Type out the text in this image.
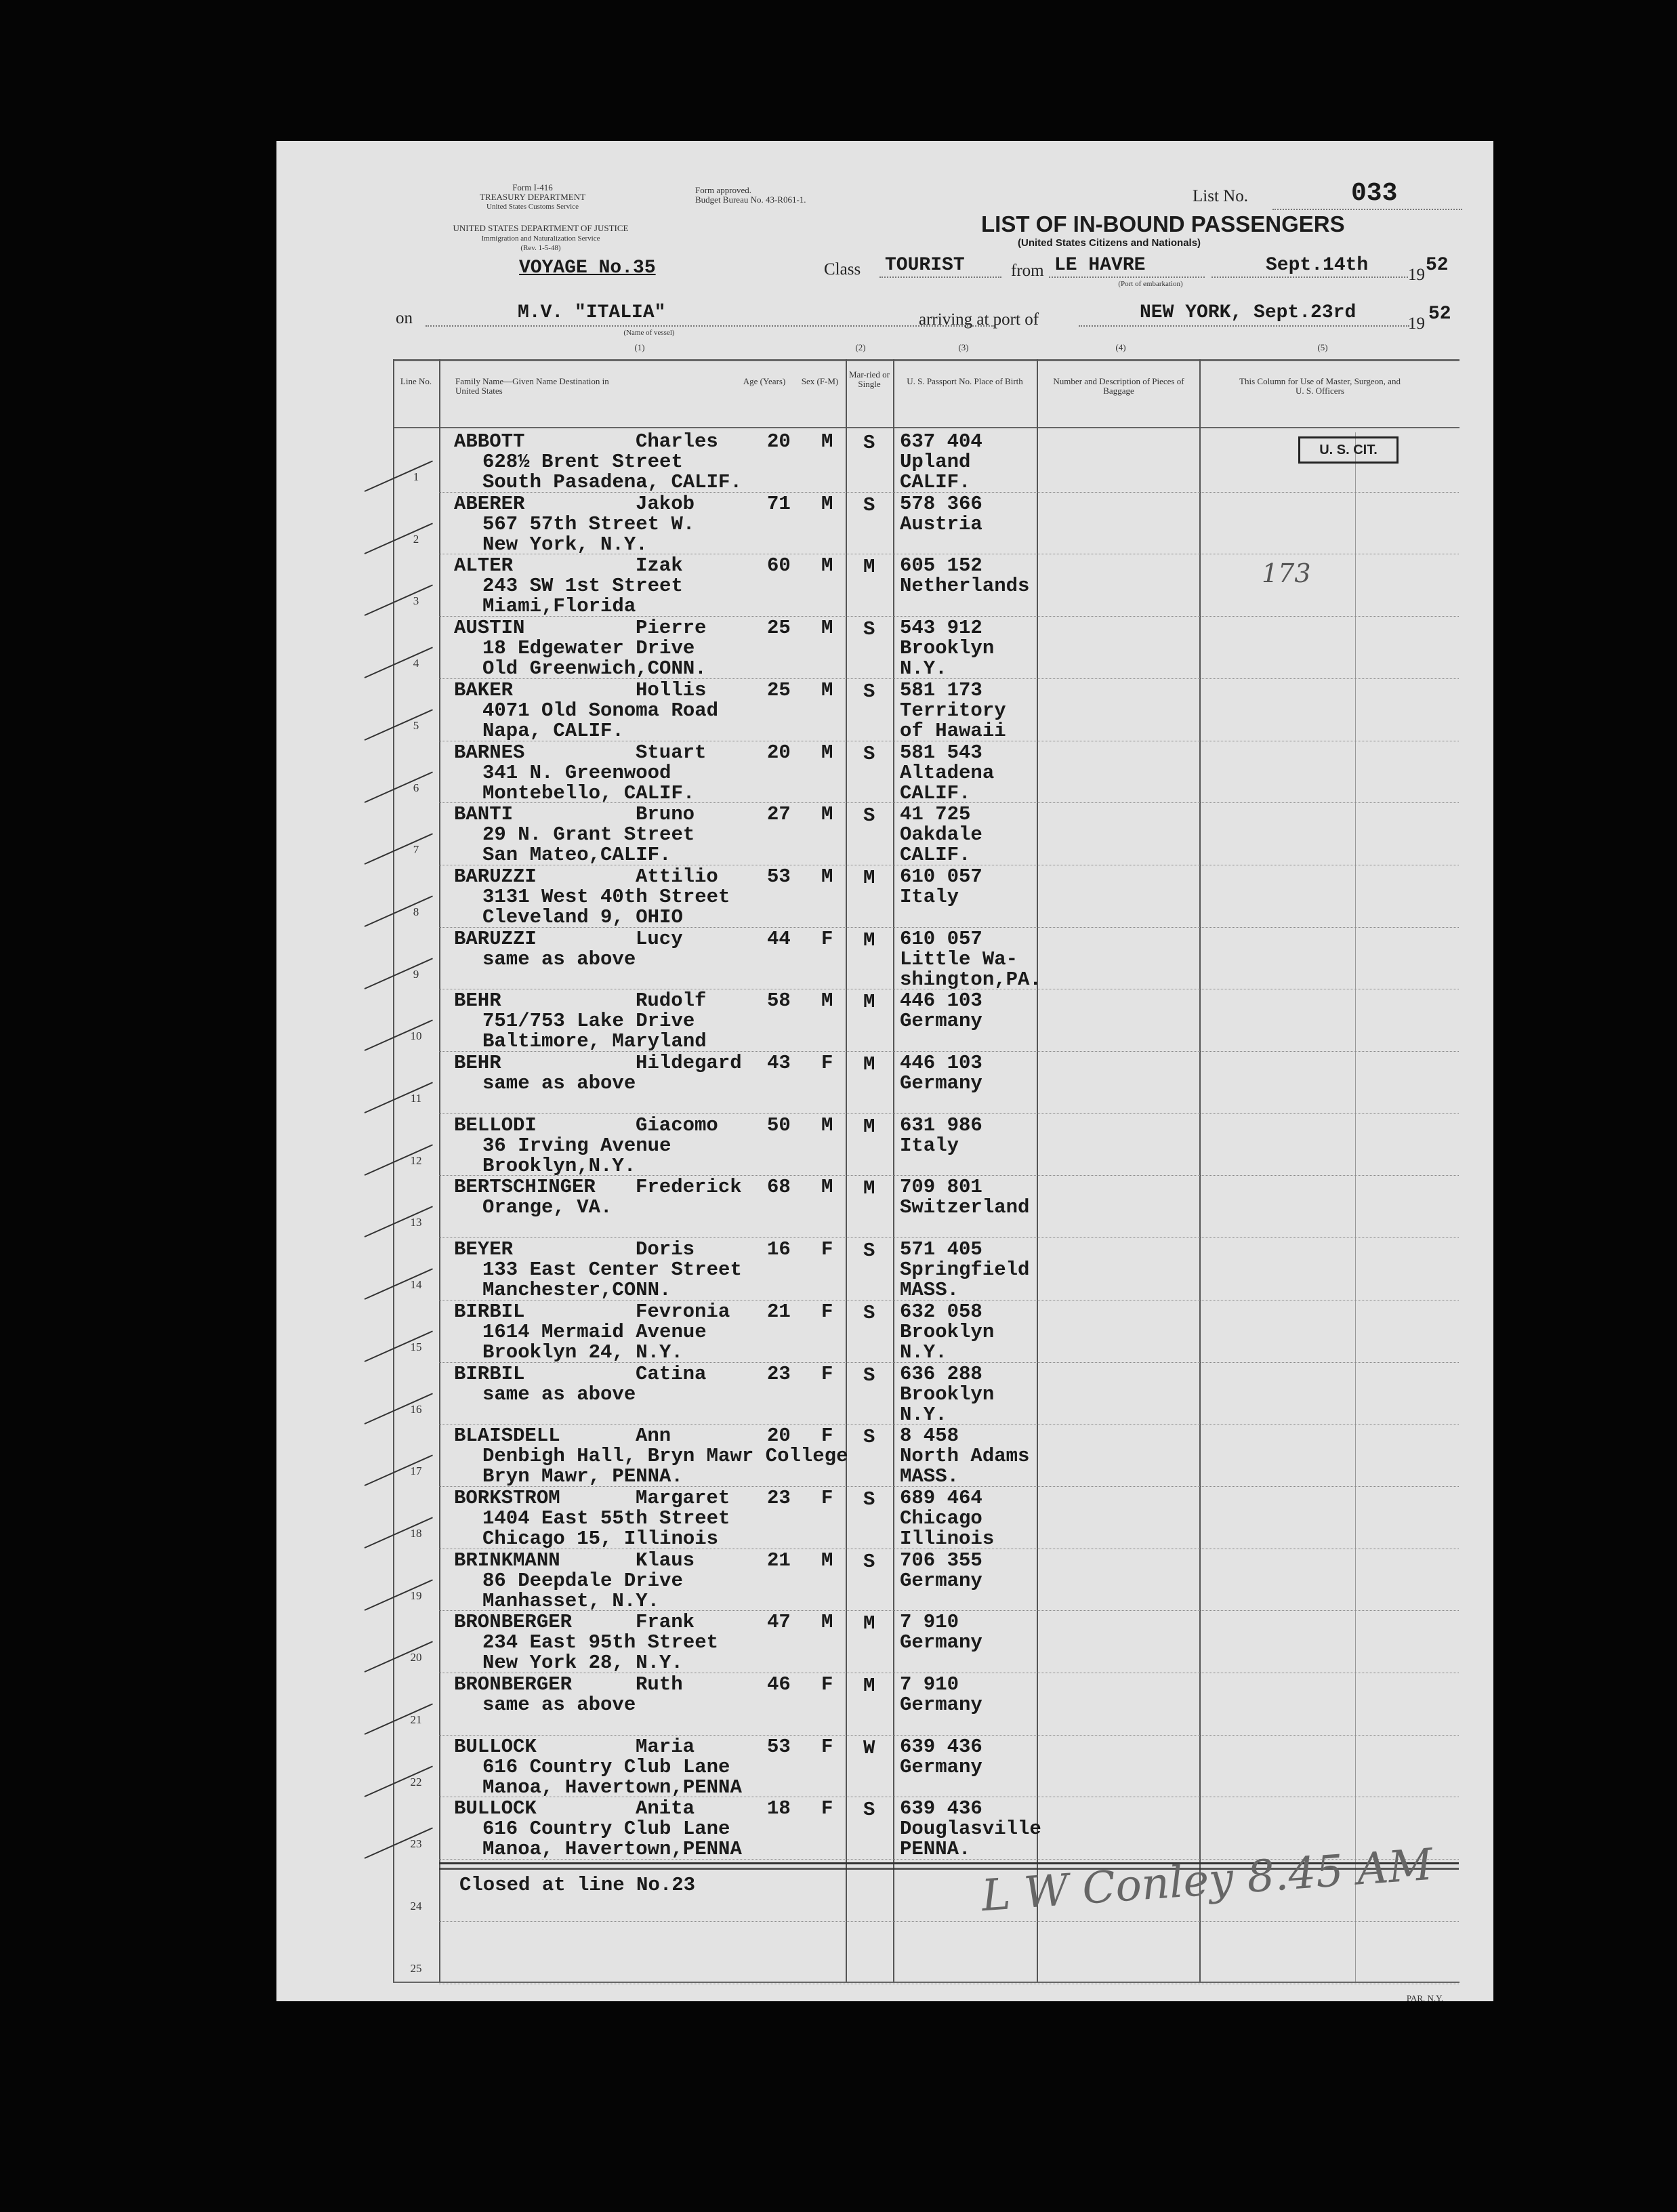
Form I-416
TREASURY DEPARTMENT
United States Customs Service
Form approved.
Budget Bureau No. 43-R061-1.
UNITED STATES DEPARTMENT OF JUSTICE
Immigration and Naturalization Service
(Rev. 1-5-48)
List No.	033
LIST OF IN-BOUND PASSENGERS
(United States Citizens and Nationals)
VOYAGE No.35	Class TOURIST	from LE HAVRE
(Port of embarkation)
Sept.14th 19 52
on	M.V. "ITALIA"
(Name of vessel)
arriving at port of	NEW YORK, Sept.23rd
19 52
(1)	(2)	(3)	(4)	(5)
Line No.	Family Name—Given Name Destination in United States
Age (Years)	Sex (F-M)
Mar-ried or Single	U. S. Passport No. Place of Birth	Number and Description of Pieces of Baggage
This Column for Use of Master, Surgeon, and U. S. Officers
1
ABBOTT	Charles
628½ Brent Street
South Pasadena, CALIF.
20 M S 637 404
Upland
CALIF.
2
ABERER	Jakob
567 57th Street W.
New York, N.Y.
71 M S 578 366
Austria
3
ALTER	Izak
243 SW 1st Street
Miami,Florida
60 M M 605 152
Netherlands
4
AUSTIN	Pierre
18 Edgewater Drive
Old Greenwich,CONN.
25 M S 543 912
Brooklyn
N.Y.
5
BAKER	Hollis
4071 Old Sonoma Road
Napa, CALIF.
25 M S 581 173
Territory
of Hawaii
6
BARNES	Stuart
341 N. Greenwood
Montebello, CALIF.
20 M S 581 543
Altadena
CALIF.
7
BANTI	Bruno
29 N. Grant Street
San Mateo,CALIF.
27 M S 41 725
Oakdale
CALIF.
8
BARUZZI	Attilio
3131 West 40th Street
Cleveland 9, OHIO
53 M M 610 057
Italy
9
BARUZZI	Lucy
same as above
44 F M 610 057
Little Wa-
shington,PA.
10
BEHR	Rudolf
751/753 Lake Drive
Baltimore, Maryland
58 M M 446 103
Germany
11
BEHR	Hildegard
same as above
43 F M 446 103
Germany
12
BELLODI	Giacomo
36 Irving Avenue
Brooklyn,N.Y.
50 M M 631 986
Italy
13
BERTSCHINGER Frederick
Orange, VA.
68 M M 709 801
Switzerland
14
BEYER	Doris
133 East Center Street
Manchester,CONN.
16 F S 571 405
Springfield
MASS.
15
BIRBIL	Fevronia
1614 Mermaid Avenue
Brooklyn 24, N.Y.
21 F S 632 058
Brooklyn
N.Y.
16
BIRBIL	Catina
same as above
23 F S 636 288
Brooklyn
N.Y.
17
BLAISDELL	Ann
Denbigh Hall, Bryn Mawr College
Bryn Mawr, PENNA.
20 F S 8 458
North Adams
MASS.
18
BORKSTROM	Margaret
1404 East 55th Street
Chicago 15, Illinois
23 F S 689 464
Chicago
Illinois
19
BRINKMANN	Klaus
86 Deepdale Drive
Manhasset, N.Y.
21 M S 706 355
Germany
20
BRONBERGER	Frank
234 East 95th Street
New York 28, N.Y.
47 M M 7 910
Germany
21
BRONBERGER	Ruth
same as above
46 F M 7 910
Germany
22
BULLOCK	Maria
616 Country Club Lane
Manoa, Havertown,PENNA
53 F W 639 436
Germany
23
BULLOCK	Anita
616 Country Club Lane
Manoa, Havertown,PENNA
18 F S 639 436
Douglasville
PENNA.
24
25
U. S. CIT.
173
Closed at line No.23	L W Conley 8.45 AM
PAR. N.Y.
